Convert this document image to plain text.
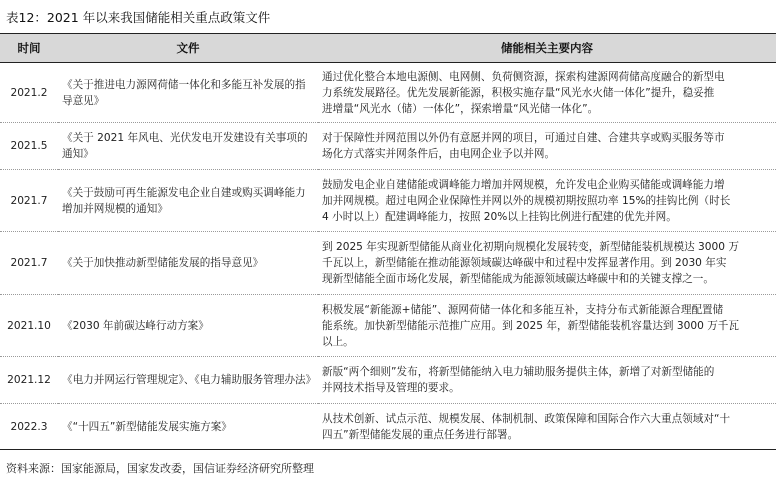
表12：2021 年以来我国储能相关重点政策文件
时间	文件	储能相关主要内容
2021.2	《关于推进电力源网荷储一体化和多能互补发展的指导意见》	通过优化整合本地电源侧、电网侧、负荷侧资源，探索构建源网荷储高度融合的新型电
力系统发展路径。优先发展新能源，积极实施存量“风光水火储一体化”提升，稳妥推
进增量“风光水（储）一体化”，探索增量“风光储一体化”。

2021.5	《关于 2021 年风电、光伏发电开发建设有关事项的通知》	对于保障性并网范围以外仍有意愿并网的项目，可通过自建、合建共享或购买服务等市
场化方式落实并网条件后，由电网企业予以并网。

2021.7	《关于鼓励可再生能源发电企业自建或购买调峰能力增加并网规模的通知》	鼓励发电企业自建储能或调峰能力增加并网规模，允许发电企业购买储能或调峰能力增
加并网规模。超过电网企业保障性并网以外的规模初期按照功率 15%的挂钩比例（时长
4 小时以上）配建调峰能力，按照 20%以上挂钩比例进行配建的优先并网。

2021.7	《关于加快推动新型储能发展的指导意见》	到 2025 年实现新型储能从商业化初期向规模化发展转变，新型储能装机规模达 3000 万
千瓦以上，新型储能在推动能源领域碳达峰碳中和过程中发挥显著作用。到 2030 年实
现新型储能全面市场化发展，新型储能成为能源领域碳达峰碳中和的关键支撑之一。

2021.10	《2030 年前碳达峰行动方案》	积极发展“新能源+储能”、源网荷储一体化和多能互补，支持分布式新能源合理配置储
能系统。加快新型储能示范推广应用。到 2025 年，新型储能装机容量达到 3000 万千瓦
以上。

2021.12	《电力并网运行管理规定》、《电力辅助服务管理办法》	新版“两个细则”发布，将新型储能纳入电力辅助服务提供主体，新增了对新型储能的
并网技术指导及管理的要求。

2022.3	《“十四五”新型储能发展实施方案》	从技术创新、试点示范、规模发展、体制机制、政策保障和国际合作六大重点领域对“十
四五”新型储能发展的重点任务进行部署。
资料来源：国家能源局，国家发改委，国信证券经济研究所整理
